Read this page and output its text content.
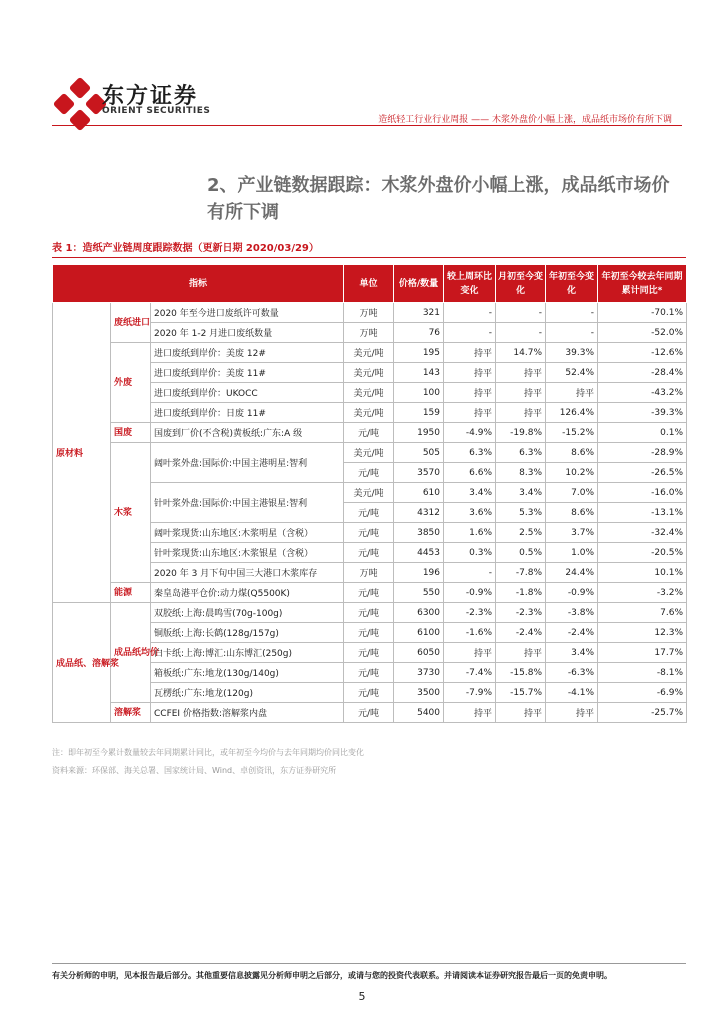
东方证券
ORIENT SECURITIES
造纸轻工行业行业周报 —— 木浆外盘价小幅上涨，成品纸市场价有所下调
2、产业链数据跟踪：木浆外盘价小幅上涨，成品纸市场价有所下调
表 1：造纸产业链周度跟踪数据（更新日期 2020/03/29）
指标			单位	价格/数量	较上周环比变化	月初至今变化	年初至今变化	年初至今较去年同期累计同比*
原材料	废纸进口	2020 年至今进口废纸许可数量	万吨	321	-	-	-	-70.1%
		2020 年 1-2 月进口废纸数量	万吨	76	-	-	-	-52.0%
	外废	进口废纸到岸价：美废 12#	美元/吨	195	持平	14.7%	39.3%	-12.6%
		进口废纸到岸价：美废 11#	美元/吨	143	持平	持平	52.4%	-28.4%
		进口废纸到岸价：UKOCC	美元/吨	100	持平	持平	持平	-43.2%
		进口废纸到岸价：日废 11#	美元/吨	159	持平	持平	126.4%	-39.3%
	国废	国废到厂价(不含税)黄板纸:广东:A 级	元/吨	1950	-4.9%	-19.8%	-15.2%	0.1%
	木浆	阔叶浆外盘:国际价:中国主港明星:智利	美元/吨	505	6.3%	6.3%	8.6%	-28.9%
			元/吨	3570	6.6%	8.3%	10.2%	-26.5%
		针叶浆外盘:国际价:中国主港银星:智利	美元/吨	610	3.4%	3.4%	7.0%	-16.0%
			元/吨	4312	3.6%	5.3%	8.6%	-13.1%
		阔叶浆现货:山东地区:木浆明星（含税）	元/吨	3850	1.6%	2.5%	3.7%	-32.4%
		针叶浆现货:山东地区:木浆银星（含税）	元/吨	4453	0.3%	0.5%	1.0%	-20.5%
		2020 年 3 月下旬中国三大港口木浆库存	万吨	196	-	-7.8%	24.4%	10.1%
	能源	秦皇岛港平仓价:动力煤(Q5500K)	元/吨	550	-0.9%	-1.8%	-0.9%	-3.2%
成品纸、溶解浆	成品纸均价	双胶纸:上海:晨鸣雪(70g-100g)	元/吨	6300	-2.3%	-2.3%	-3.8%	7.6%
		铜版纸:上海:长鹤(128g/157g)	元/吨	6100	-1.6%	-2.4%	-2.4%	12.3%
		白卡纸:上海:博汇:山东博汇(250g)	元/吨	6050	持平	持平	3.4%	17.7%
		箱板纸:广东:地龙(130g/140g)	元/吨	3730	-7.4%	-15.8%	-6.3%	-8.1%
		瓦楞纸:广东:地龙(120g)	元/吨	3500	-7.9%	-15.7%	-4.1%	-6.9%
	溶解浆	CCFEI 价格指数:溶解浆内盘	元/吨	5400	持平	持平	持平	-25.7%
注：即年初至今累计数量较去年同期累计同比，或年初至今均价与去年同期均价同比变化
资料来源：环保部、海关总署、国家统计局、Wind、卓创资讯，东方证券研究所
有关分析师的申明，见本报告最后部分。其他重要信息披露见分析师申明之后部分，或请与您的投资代表联系。并请阅读本证券研究报告最后一页的免责申明。
5
